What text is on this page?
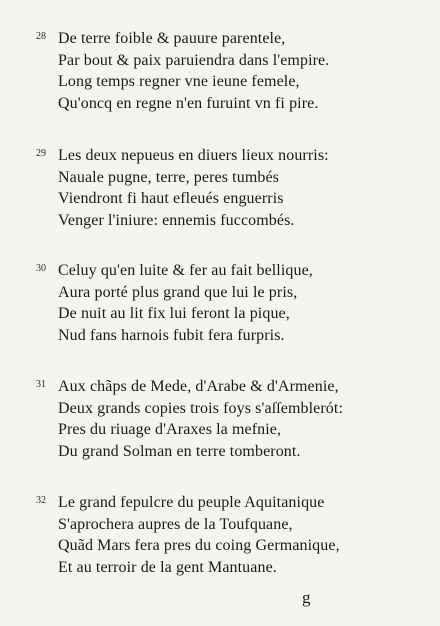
28 De terre foible & pauure parentele,
Par bout & paix paruiendra dans l'empire.
Long temps regner vne ieune femele,
Qu'oncq en regne n'en furuint vn fi pire.
29 Les deux nepueus en diuers lieux nourris:
Nauale pugne, terre, peres tumbés
Viendront fi haut efleués enguerris
Venger l'iniure: ennemis fuccombés.
30 Celuy qu'en luite & fer au fait bellique,
Aura porté plus grand que lui le pris,
De nuit au lit fix lui feront la pique,
Nud fans harnois fubit fera furpris.
31 Aux chãps de Mede, d'Arabe & d'Armenie,
Deux grands copies trois foys s'aſſemblerót:
Pres du riuage d'Araxes la mefnie,
Du grand Solman en terre tomberont.
32 Le grand fepulcre du peuple Aquitanique
S'aprochera aupres de la Toufquane,
Quãd Mars fera pres du coing Germanique,
Et au terroir de la gent Mantuane.
g
